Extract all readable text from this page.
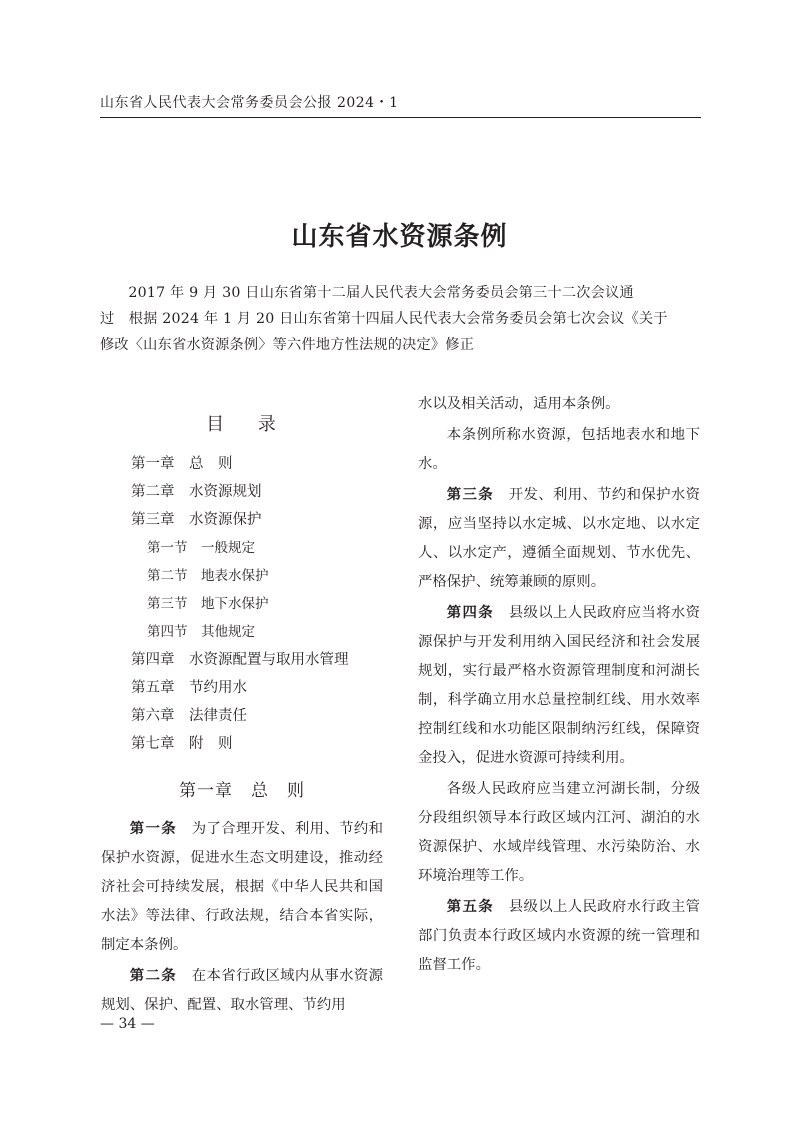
山东省人民代表大会常务委员会公报 2024・1
山东省水资源条例
2017 年 9 月 30 日山东省第十二届人民代表大会常务委员会第三十二次会议通
过　根据 2024 年 1 月 20 日山东省第十四届人民代表大会常务委员会第七次会议《关于
修改〈山东省水资源条例〉等六件地方性法规的决定》修正
目 录
第一章　总　则
第二章　水资源规划
第三章　水资源保护
第一节　一般规定
第二节　地表水保护
第三节　地下水保护
第四节　其他规定
第四章　水资源配置与取用水管理
第五章　节约用水
第六章　法律责任
第七章　附　则
第一章　总　则

第一条　 为了合理开发、利用、节约和保护水资源，促进水生态文明建设，推动经济社会可持续发展，根据《中华人民共和国水法》等法律、行政法规，结合本省实际，制定本条例。

第二条　 在本省行政区域内从事水资源规划、保护、配置、取水管理、节约用

水以及相关活动，适用本条例。

本条例所称水资源，包括地表水和地下水。

第三条　 开发、利用、节约和保护水资源，应当坚持以水定城、以水定地、以水定人、以水定产，遵循全面规划、节水优先、严格保护、统筹兼顾的原则。

第四条　 县级以上人民政府应当将水资源保护与开发利用纳入国民经济和社会发展规划，实行最严格水资源管理制度和河湖长制，科学确立用水总量控制红线、用水效率控制红线和水功能区限制纳污红线，保障资金投入，促进水资源可持续利用。

各级人民政府应当建立河湖长制，分级分段组织领导本行政区域内江河、湖泊的水资源保护、水域岸线管理、水污染防治、水环境治理等工作。

第五条　 县级以上人民政府水行政主管部门负责本行政区域内水资源的统一管理和监督工作。

— 34 —
